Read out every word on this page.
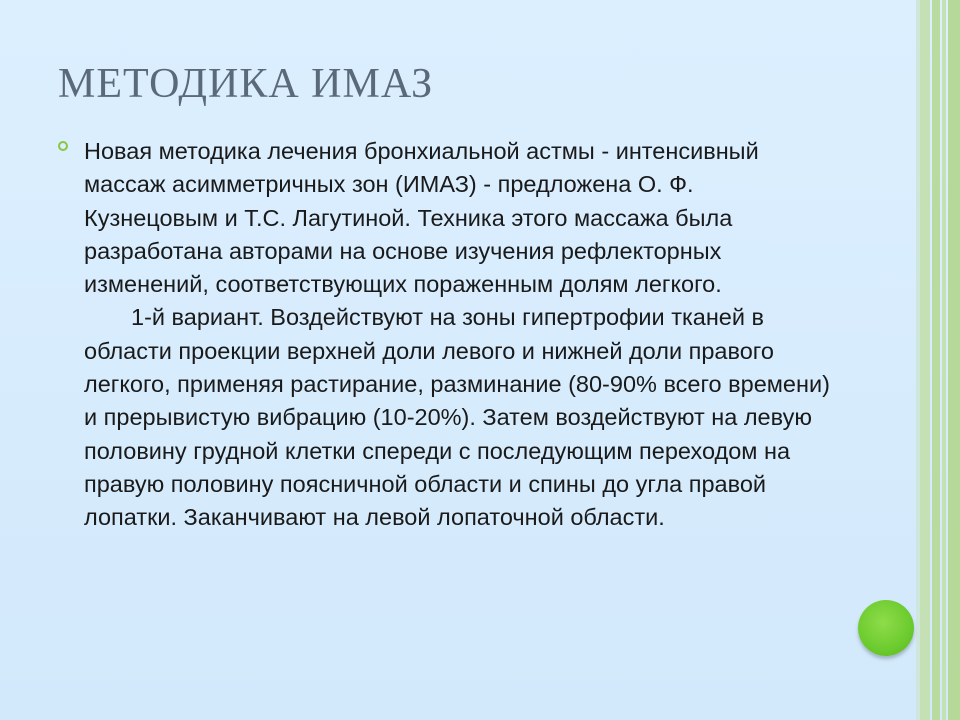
МЕТОДИКА ИМАЗ
Новая методика лечения бронхиальной астмы - интенсивный массаж асимметричных зон (ИМАЗ) - предложена О. Ф. Кузнецовым и Т.С. Лагутиной. Техника этого массажа была разработана авторами на основе изучения рефлекторных изменений, соответствующих пораженным долям легкого.
1-й вариант. Воздействуют на зоны гипертрофии тканей в области проекции верхней доли левого и нижней доли правого легкого, применяя растирание, разминание (80-90% всего времени) и прерывистую вибрацию (10-20%). Затем воздействуют на левую половину грудной клетки спереди с последующим переходом на правую половину поясничной области и спины до угла правой лопатки. Заканчивают на левой лопаточной области.
